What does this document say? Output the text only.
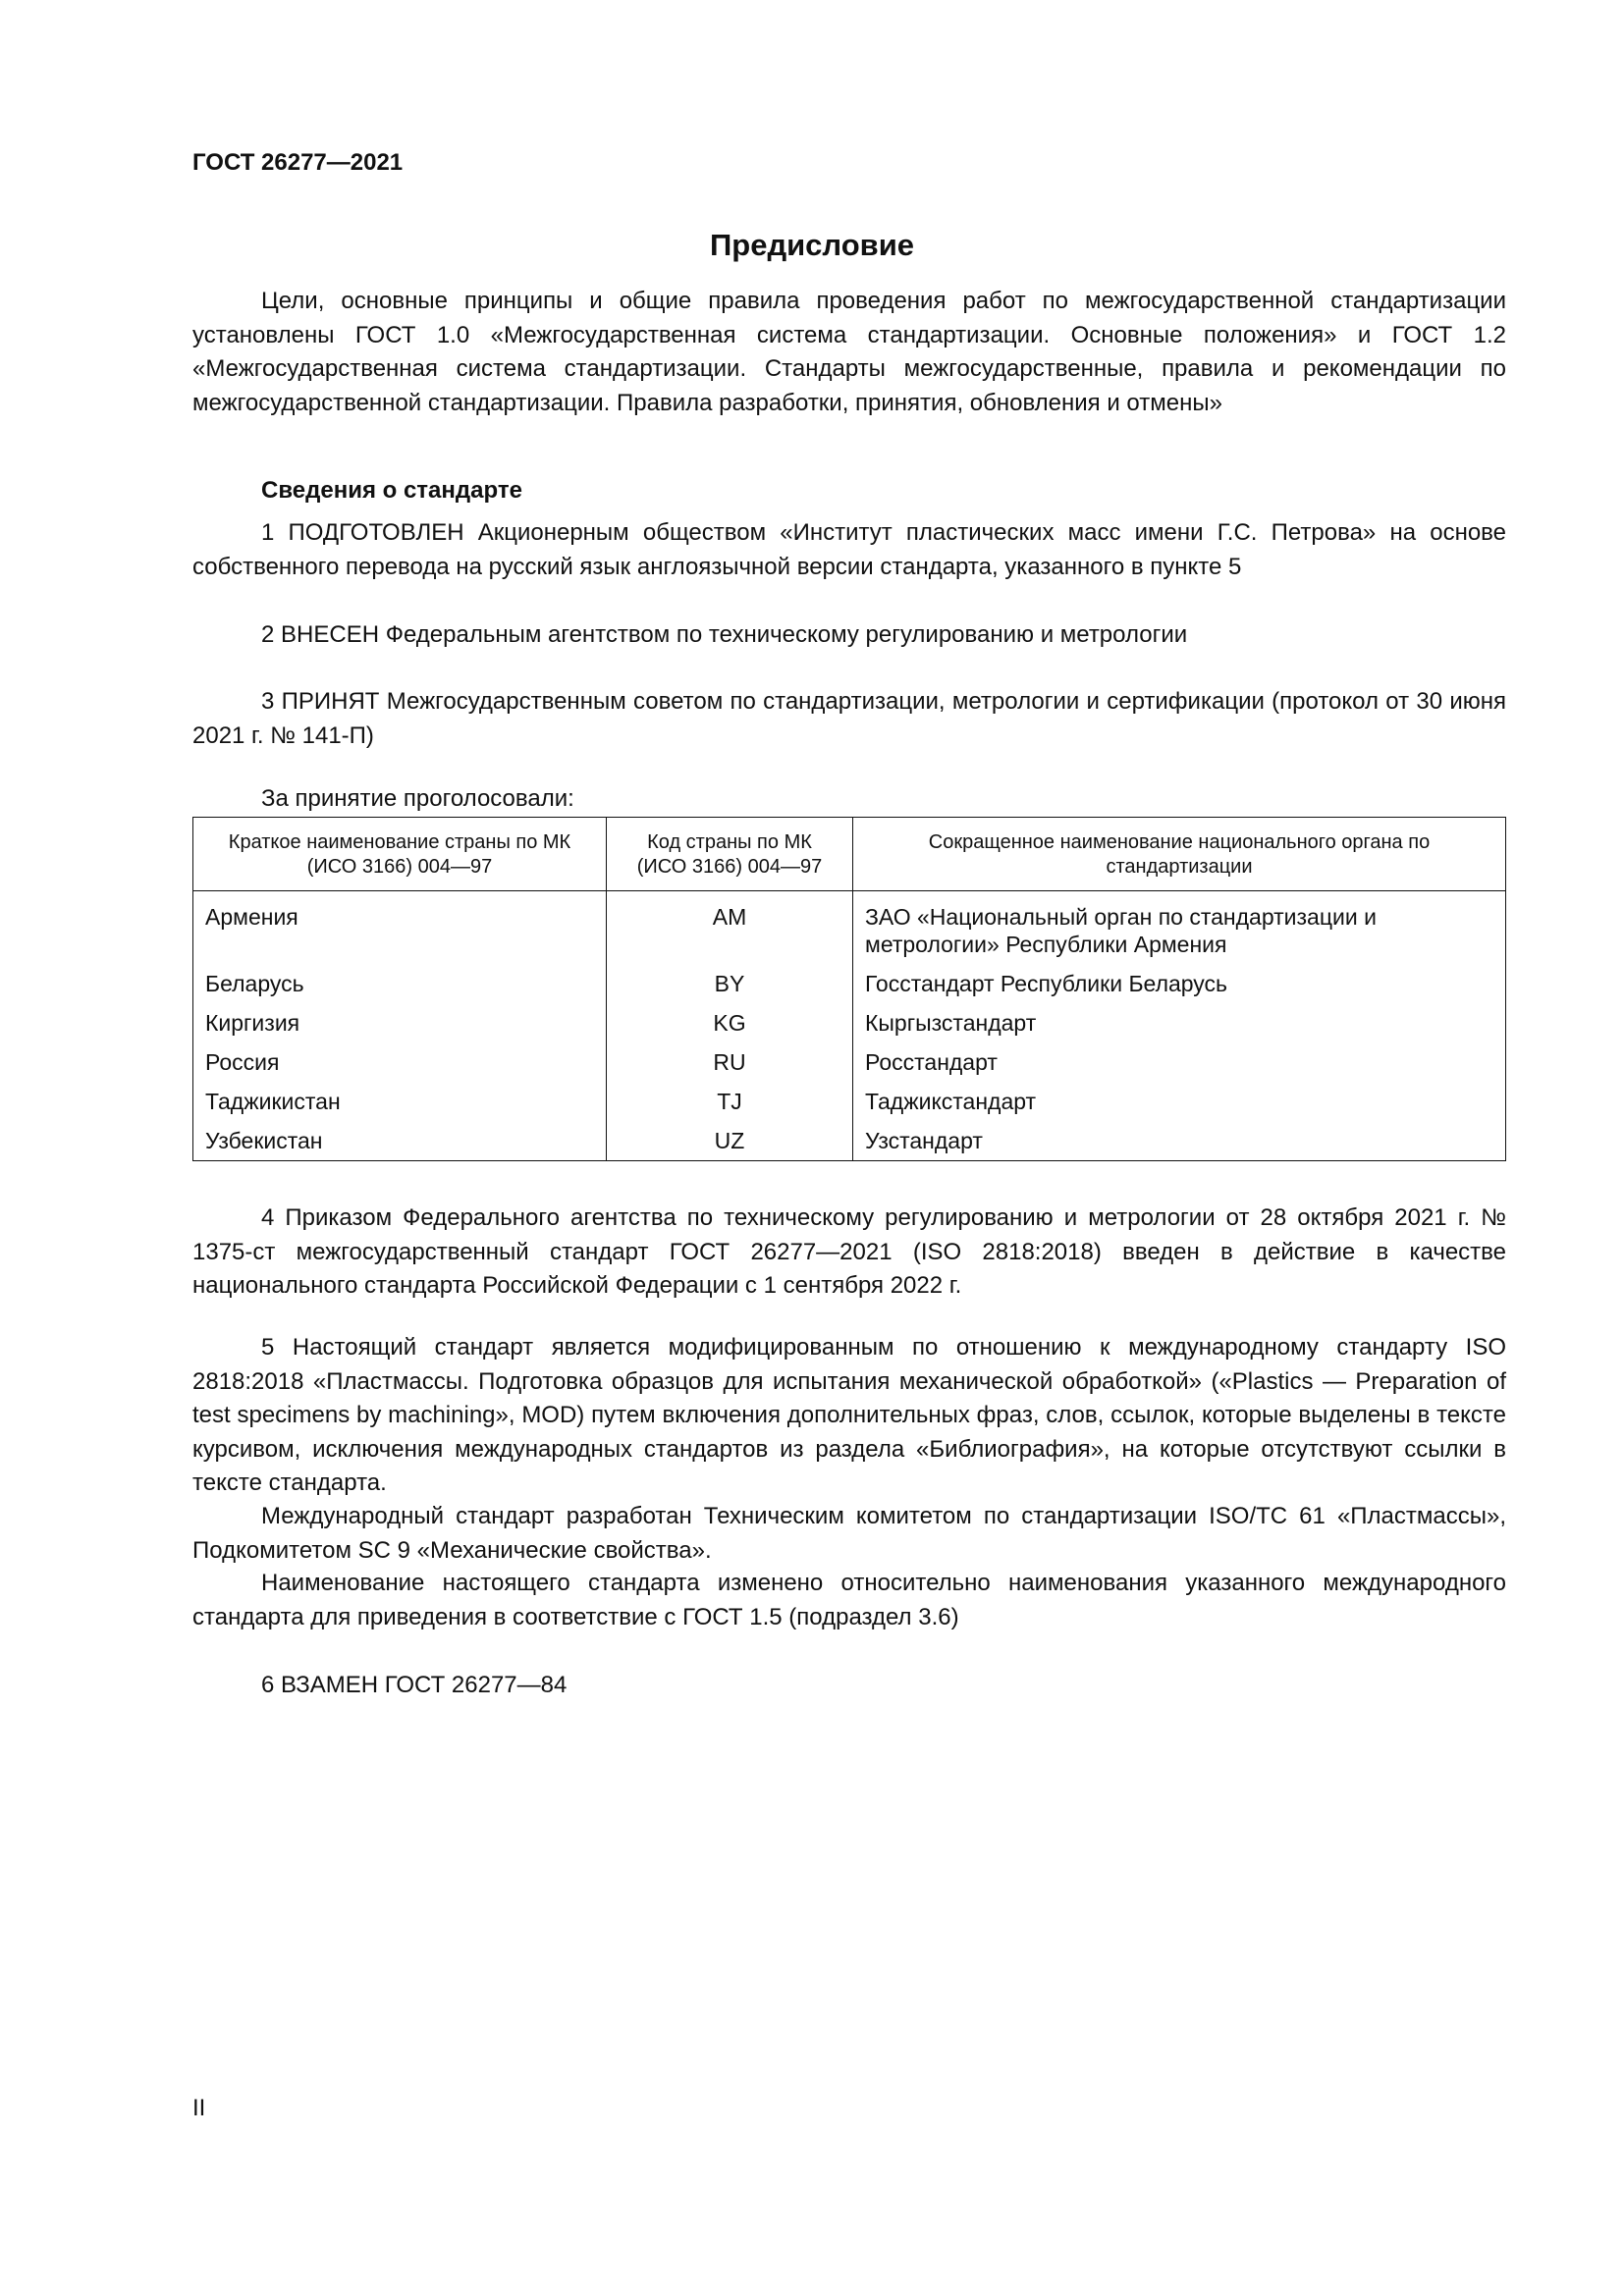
ГОСТ 26277—2021
Предисловие

Цели, основные принципы и общие правила проведения работ по межгосударственной стандартизации установлены ГОСТ 1.0 «Межгосударственная система стандартизации. Основные положения» и ГОСТ 1.2 «Межгосударственная система стандартизации. Стандарты межгосударственные, правила и рекомендации по межгосударственной стандартизации. Правила разработки, принятия, обновления и отмены»

Сведения о стандарте

1 ПОДГОТОВЛЕН Акционерным обществом «Институт пластических масс имени Г.С. Петрова» на основе собственного перевода на русский язык англоязычной версии стандарта, указанного в пункте 5

2 ВНЕСЕН Федеральным агентством по техническому регулированию и метрологии

3 ПРИНЯТ Межгосударственным советом по стандартизации, метрологии и сертификации (протокол от 30 июня 2021 г. № 141-П)

За принятие проголосовали:

Краткое наименование страны по МК (ИСО 3166) 004—97	Код страны по МК (ИСО 3166) 004—97	Сокращенное наименование национального органа по стандартизации
Армения	AM	ЗАО «Национальный орган по стандартизации и метрологии» Республики Армения
Беларусь	BY	Госстандарт Республики Беларусь
Киргизия	KG	Кыргызстандарт
Россия	RU	Росстандарт
Таджикистан	TJ	Таджикстандарт
Узбекистан	UZ	Узстандарт

4 Приказом Федерального агентства по техническому регулированию и метрологии от 28 октября 2021 г. № 1375-ст межгосударственный стандарт ГОСТ 26277—2021 (ISO 2818:2018) введен в действие в качестве национального стандарта Российской Федерации с 1 сентября 2022 г.

5 Настоящий стандарт является модифицированным по отношению к международному стандарту ISO 2818:2018 «Пластмассы. Подготовка образцов для испытания механической обработкой» («Plastics — Preparation of test specimens by machining», MOD) путем включения дополнительных фраз, слов, ссылок, которые выделены в тексте курсивом, исключения международных стандартов из раздела «Библиография», на которые отсутствуют ссылки в тексте стандарта.

Международный стандарт разработан Техническим комитетом по стандартизации ISO/TC 61 «Пластмассы», Подкомитетом SC 9 «Механические свойства».

Наименование настоящего стандарта изменено относительно наименования указанного международного стандарта для приведения в соответствие с ГОСТ 1.5 (подраздел 3.6)

6 ВЗАМЕН ГОСТ 26277—84

II
